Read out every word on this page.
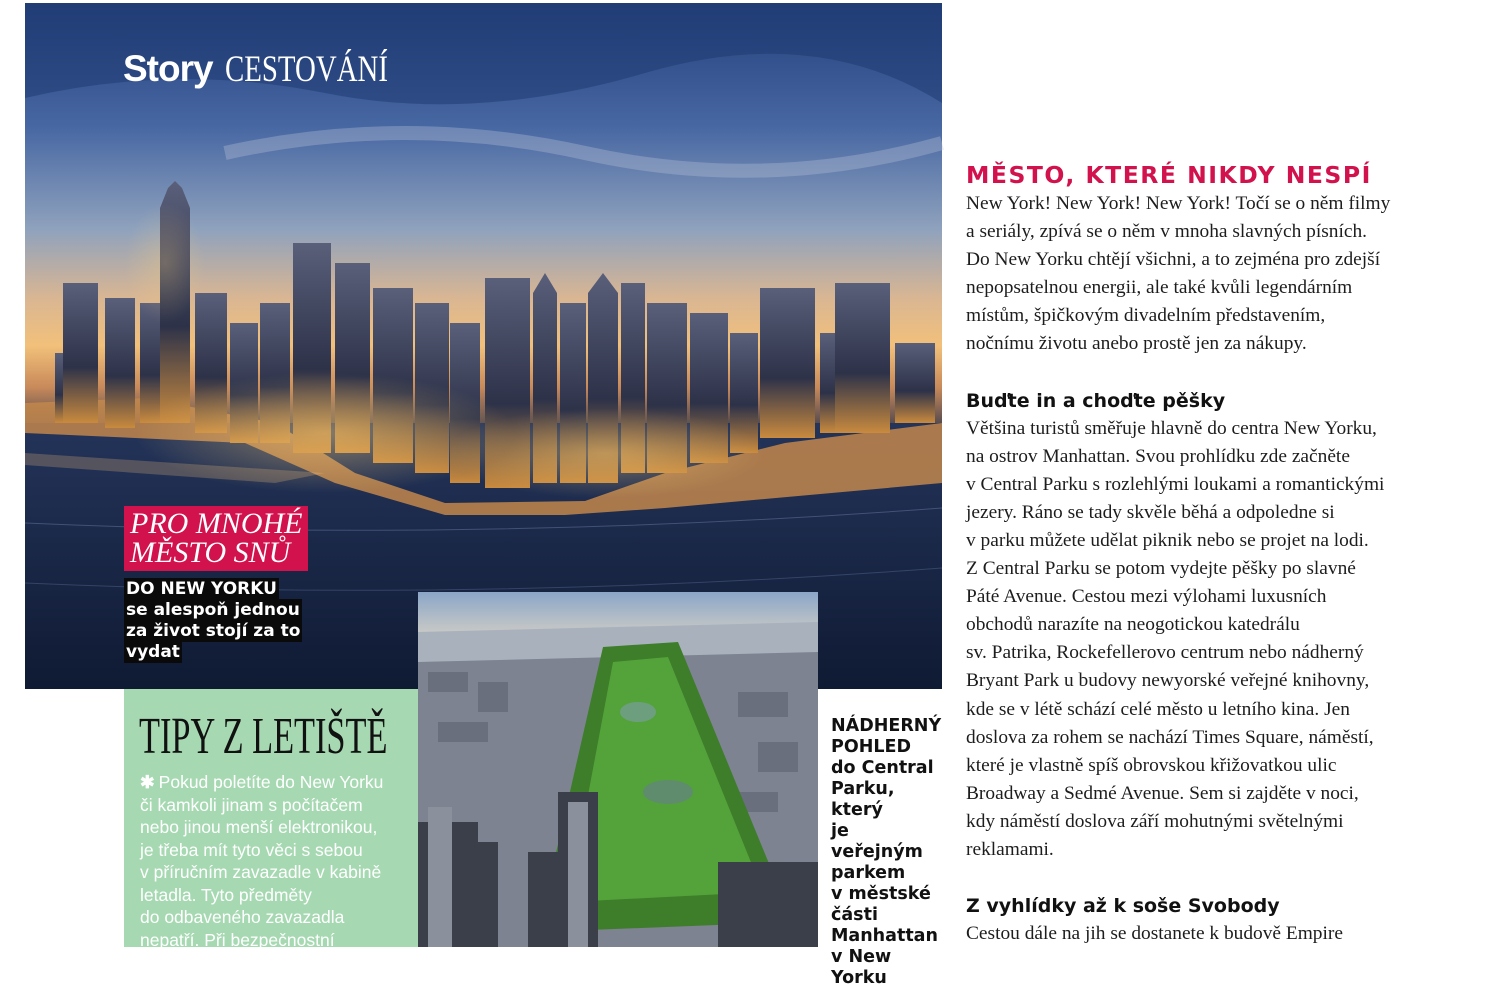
Story CESTOVÁNÍ
PRO MNOHÉ
MĚSTO SNŮ
DO NEW YORKU
se alespoň jednou
za život stojí za to
vydat
NÁDHERNÝ
POHLED
do Central
Parku, který
je veřejným
parkem
v městské
části
Manhattan
v New Yorku
TIPY Z LETIŠTĚ
✱ Pokud poletíte do New Yorku
či kamkoli jinam s počítačem
nebo jinou menší elektronikou,
je třeba mít tyto věci s sebou
v příručním zavazadle v kabině
letadla. Tyto předměty
do odbaveného zavazadla
nepatří. Při bezpečnostní
MĚSTO, KTERÉ NIKDY NESPÍ

New York! New York! New York! Točí se o něm filmy
a seriály, zpívá se o něm v mnoha slavných písních.
Do New Yorku chtějí všichni, a to zejména pro zdejší
nepopsatelnou energii, ale také kvůli legendárním
místům, špičkovým divadelním představením,
nočnímu životu anebo prostě jen za nákupy.

Buďte in a choďte pěšky

Většina turistů směřuje hlavně do centra New Yorku,
na ostrov Manhattan. Svou prohlídku zde začněte
v Central Parku s rozlehlými loukami a romantickými
jezery. Ráno se tady skvěle běhá a odpoledne si
v parku můžete udělat piknik nebo se projet na lodi.
Z Central Parku se potom vydejte pěšky po slavné
Páté Avenue. Cestou mezi výlohami luxusních
obchodů narazíte na neogotickou katedrálu
sv. Patrika, Rockefellerovo centrum nebo nádherný
Bryant Park u budovy newyorské veřejné knihovny,
kde se v létě schází celé město u letního kina. Jen
doslova za rohem se nachází Times Square, náměstí,
které je vlastně spíš obrovskou křižovatkou ulic
Broadway a Sedmé Avenue. Sem si zajděte v noci,
kdy náměstí doslova září mohutnými světelnými
reklamami.

Z vyhlídky až k soše Svobody

Cestou dále na jih se dostanete k budově Empire
